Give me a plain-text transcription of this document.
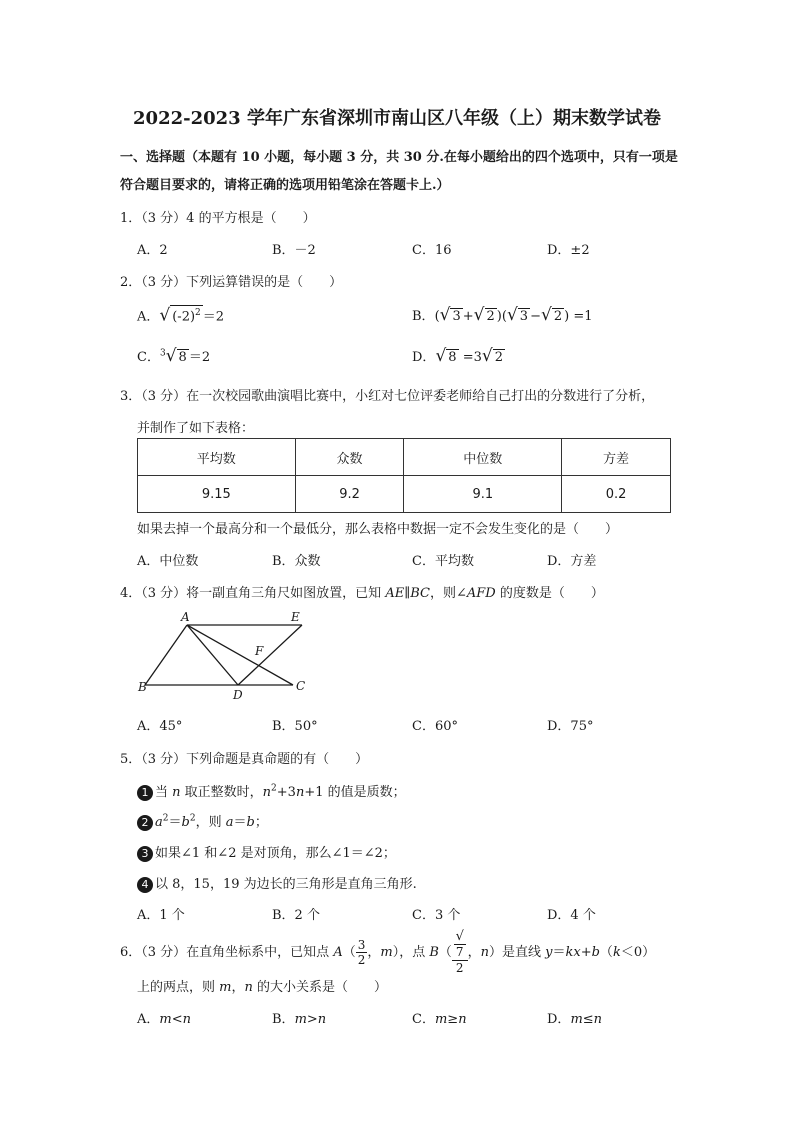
2022-2023 学年广东省深圳市南山区八年级（上）期末数学试卷
一、选择题（本题有 10 小题，每小题 3 分，共 30 分.在每小题给出的四个选项中，只有一项是符合题目要求的，请将正确的选项用铅笔涂在答题卡上.）
1．（3 分）4 的平方根是（　　）
A．2	B．－2	C．16	D．±2
2．（3 分）下列运算错误的是（　　）
A．√ $(-2)^2 =2$	B．(√ 3 +√ 2 )(√ 3 −√ 2 ) =1
C．$^3$√ 8 ＝2	D．√ 8 =3√ 2
3．（3 分）在一次校园歌曲演唱比赛中，小红对七位评委老师给自己打出的分数进行了分析，
并制作了如下表格：
平均数	众数	中位数	方差
9.15	9.2	9.1	0.2
如果去掉一个最高分和一个最低分，那么表格中数据一定不会发生变化的是（　　）
A．中位数	B．众数	C．平均数	D．方差
4．（3 分）将一副直角三角尺如图放置，已知 AE∥BC，则∠AFD 的度数是（　　）
A	E
F
B
D
C
A．45°	B．50°	C．60°	D．75°
5．（3 分）下列命题是真命题的有（　　）
1 当 n 取正整数时，$n^2+3n+1$ 的值是质数；
2 $a^2=b^2$，则 a＝b；
3 如果∠1 和∠2 是对顶角，那么∠1＝∠2；
4 以 8，15，19 为边长的三角形是直角三角形.
A．1 个	B．2 个	C．3 个	D．4 个
6．（3 分）在直角坐标系中，已知点 $A( \frac{3}{2}$ ，m），点 B（ √
7
2 ，n）是直线 y＝kx+b（k＜0）
上的两点，则 m，n 的大小关系是（　　）
A．m<n	B．m>n	C．m≥n	D．m≤n
